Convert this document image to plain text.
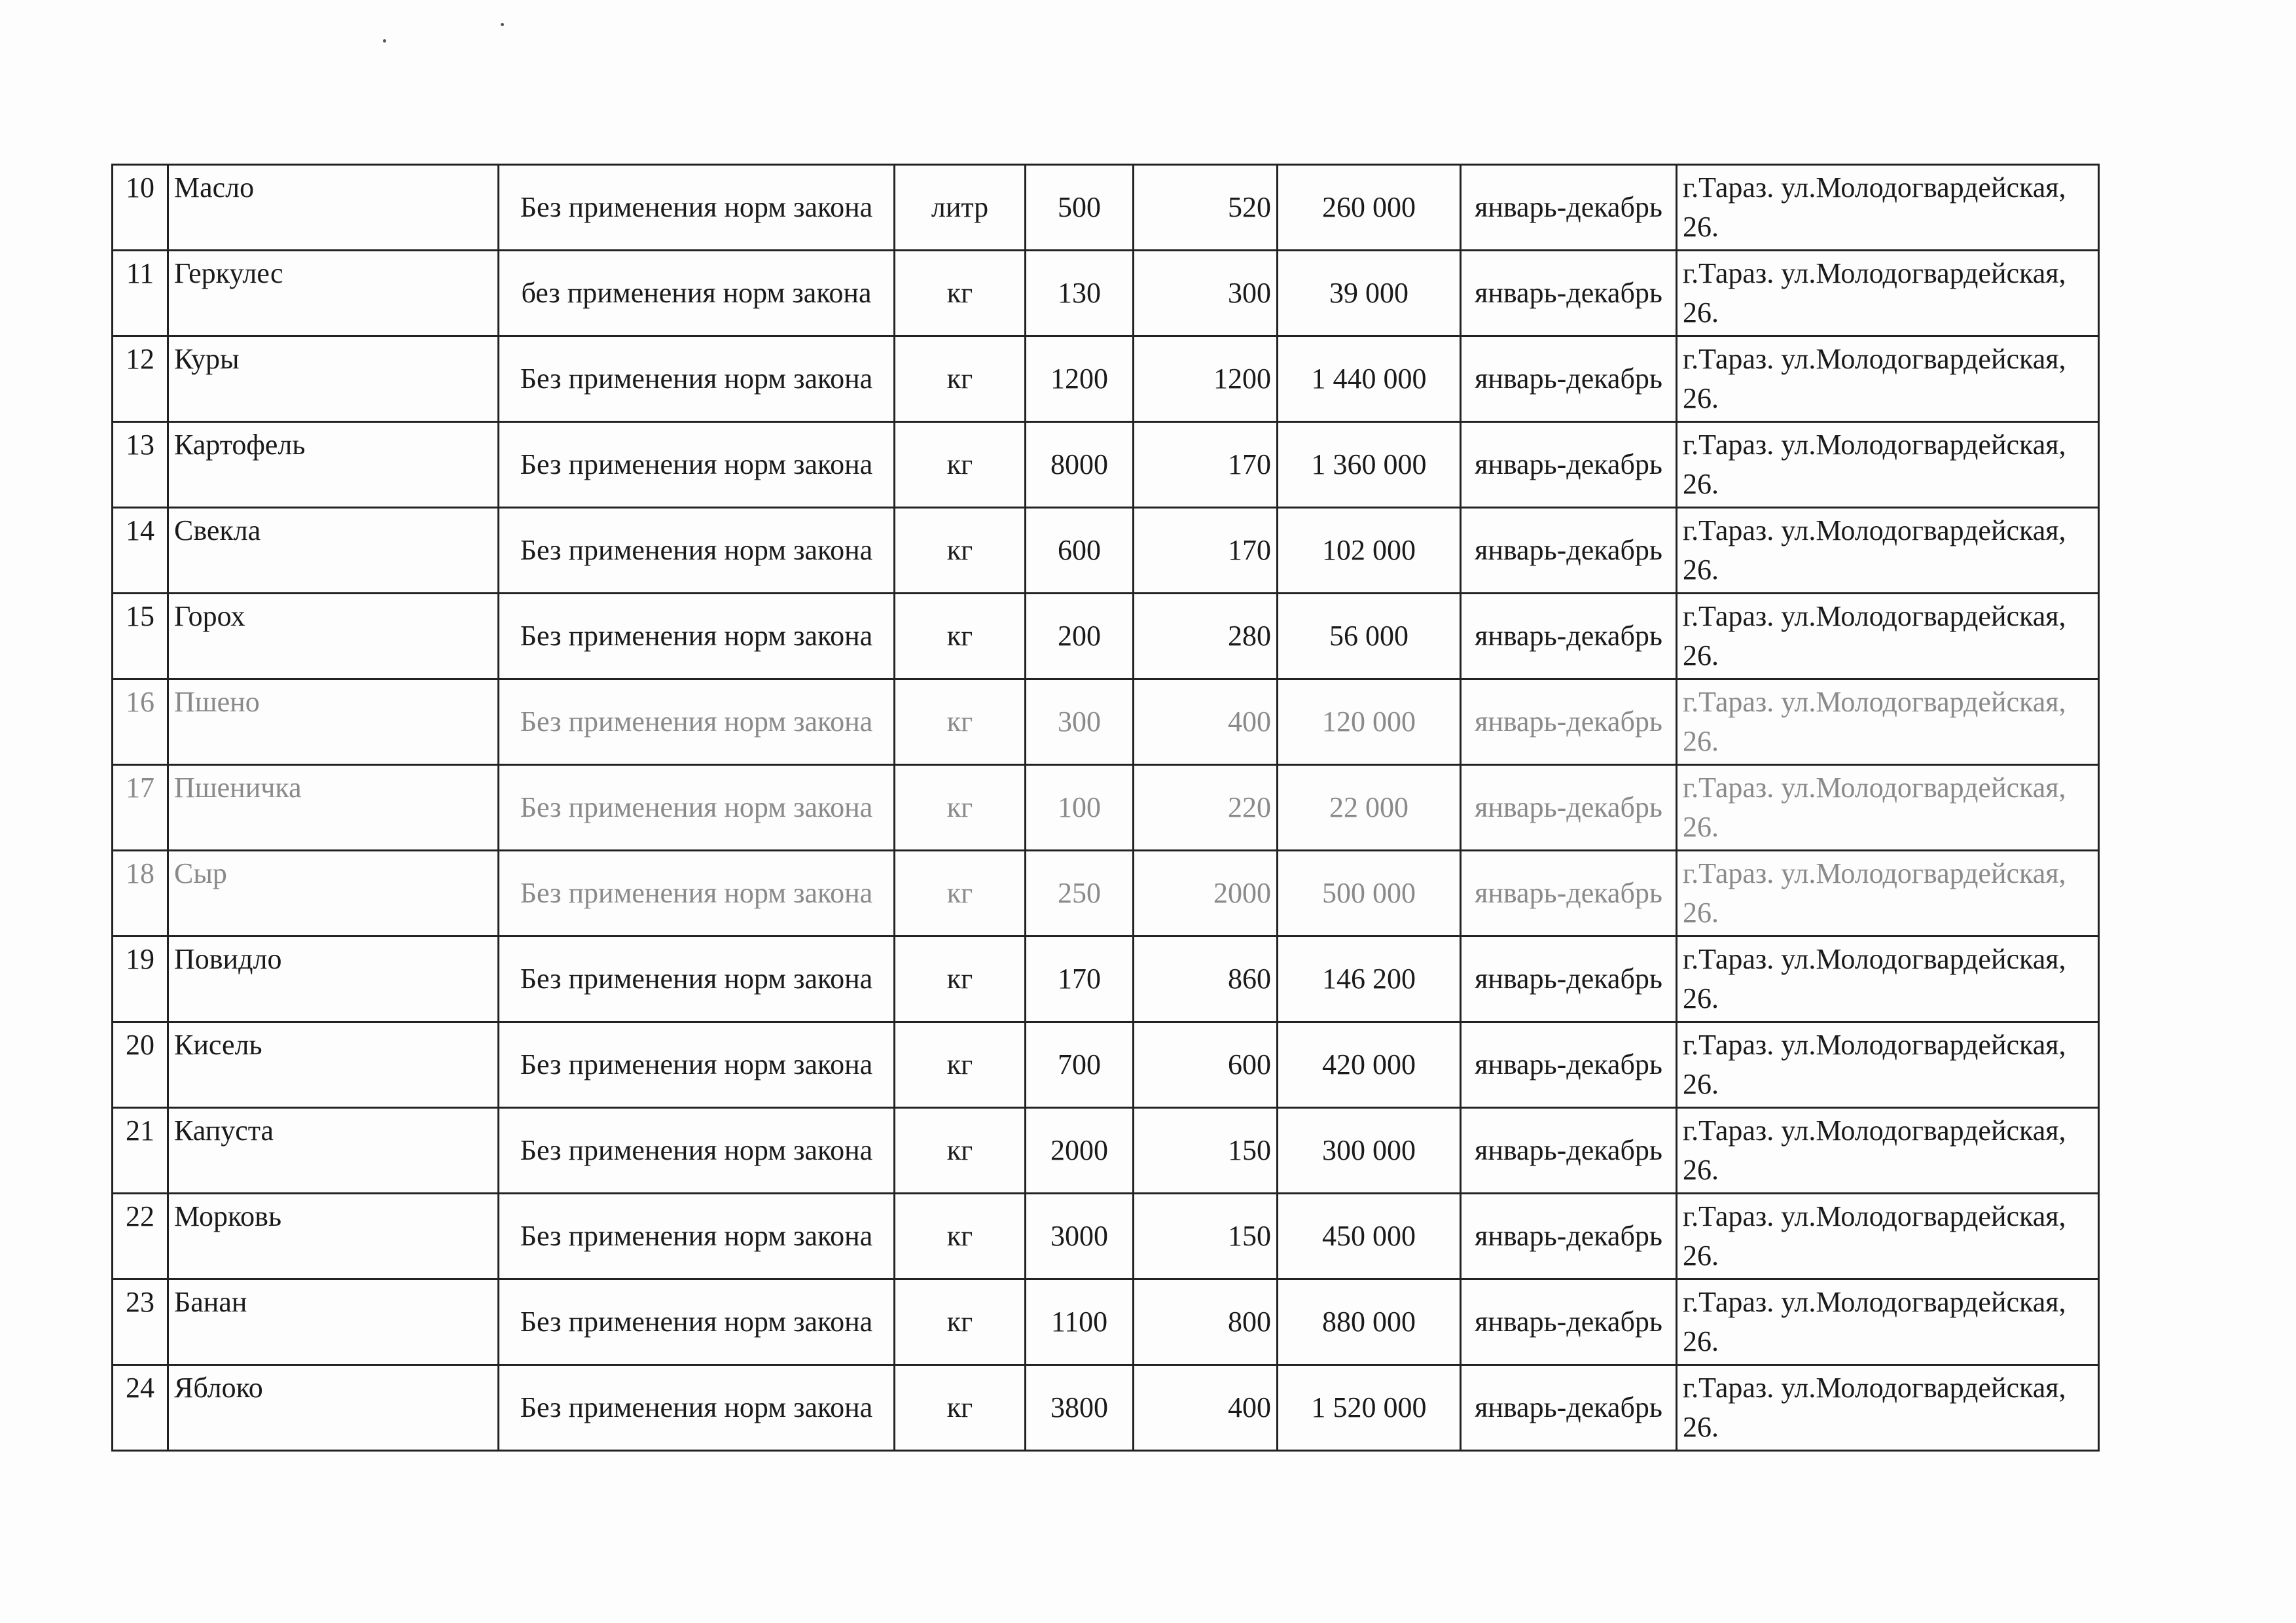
10	Масло	Без применения норм закона	литр	500	520	260 000	январь-декабрь	г.Тараз. ул.Молодогвардейская, 26.
11	Геркулес	без применения норм закона	кг	130	300	39 000	январь-декабрь	г.Тараз. ул.Молодогвардейская, 26.
12	Куры	Без применения норм закона	кг	1200	1200	1 440 000	январь-декабрь	г.Тараз. ул.Молодогвардейская, 26.
13	Картофель	Без применения норм закона	кг	8000	170	1 360 000	январь-декабрь	г.Тараз. ул.Молодогвардейская, 26.
14	Свекла	Без применения норм закона	кг	600	170	102 000	январь-декабрь	г.Тараз. ул.Молодогвардейская, 26.
15	Горох	Без применения норм закона	кг	200	280	56 000	январь-декабрь	г.Тараз. ул.Молодогвардейская, 26.
16	Пшено	Без применения норм закона	кг	300	400	120 000	январь-декабрь	г.Тараз. ул.Молодогвардейская, 26.
17	Пшеничка	Без применения норм закона	кг	100	220	22 000	январь-декабрь	г.Тараз. ул.Молодогвардейская, 26.
18	Сыр	Без применения норм закона	кг	250	2000	500 000	январь-декабрь	г.Тараз. ул.Молодогвардейская, 26.
19	Повидло	Без применения норм закона	кг	170	860	146 200	январь-декабрь	г.Тараз. ул.Молодогвардейская, 26.
20	Кисель	Без применения норм закона	кг	700	600	420 000	январь-декабрь	г.Тараз. ул.Молодогвардейская, 26.
21	Капуста	Без применения норм закона	кг	2000	150	300 000	январь-декабрь	г.Тараз. ул.Молодогвардейская, 26.
22	Морковь	Без применения норм закона	кг	3000	150	450 000	январь-декабрь	г.Тараз. ул.Молодогвардейская, 26.
23	Банан	Без применения норм закона	кг	1100	800	880 000	январь-декабрь	г.Тараз. ул.Молодогвардейская, 26.
24	Яблоко	Без применения норм закона	кг	3800	400	1 520 000	январь-декабрь	г.Тараз. ул.Молодогвардейская, 26.
